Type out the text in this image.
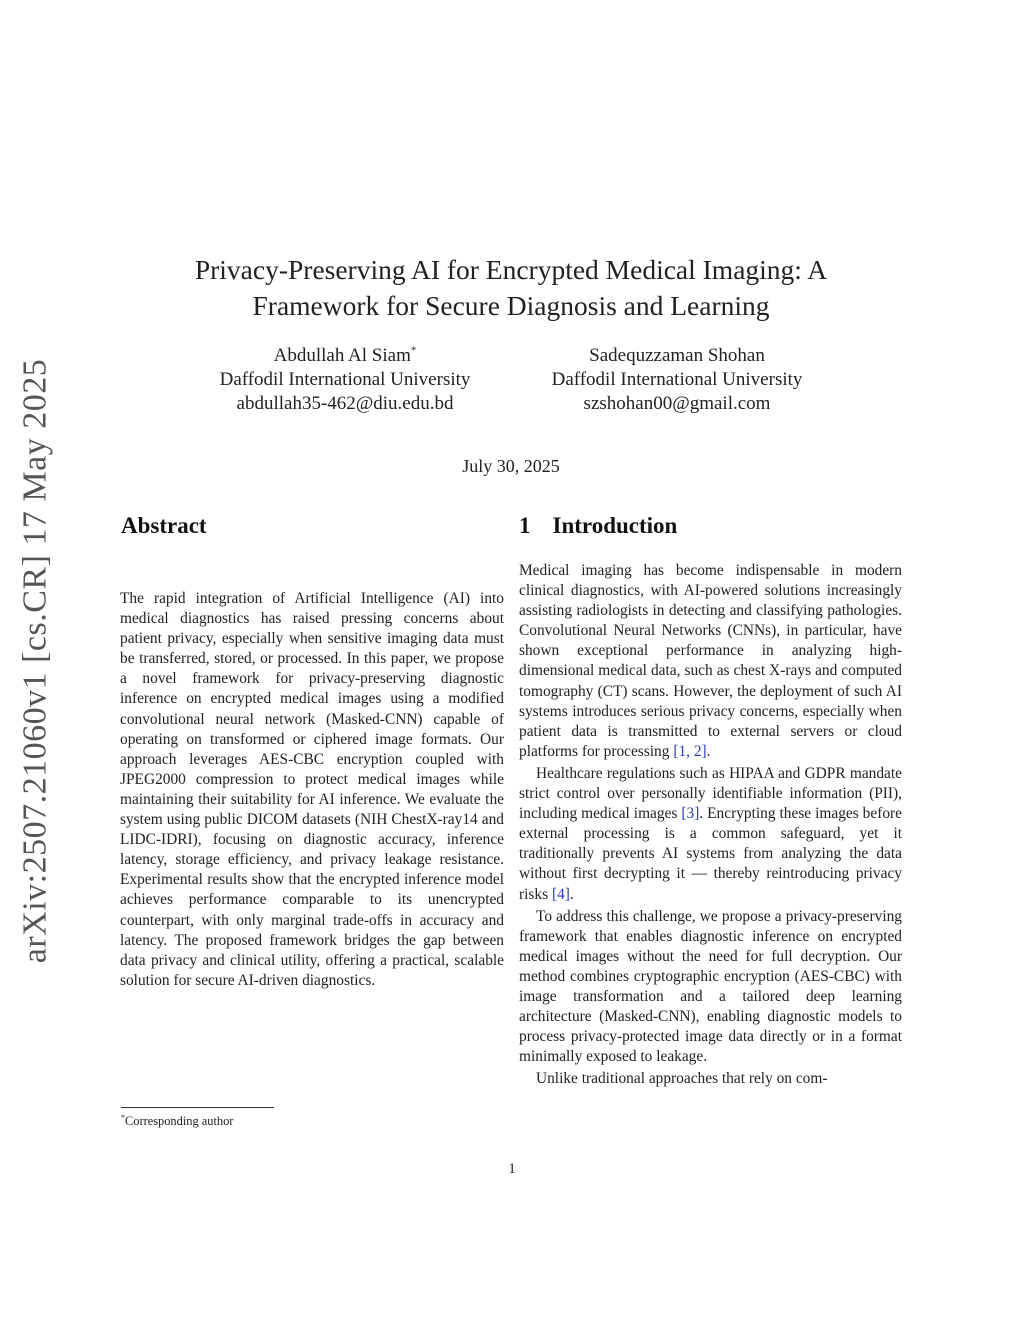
arXiv:2507.21060v1 [cs.CR] 17 May 2025
Privacy-Preserving AI for Encrypted Medical Imaging: A
Framework for Secure Diagnosis and Learning
Abdullah Al Siam*
Daffodil International University
abdullah35-462@diu.edu.bd
Sadequzzaman Shohan
Daffodil International University
szshohan00@gmail.com
July 30, 2025
Abstract	1 Introduction

The rapid integration of Artificial Intelligence (AI) into medical diagnostics has raised pressing concerns about patient privacy, especially when sensitive imaging data must be transferred, stored, or processed. In this paper, we propose a novel framework for privacy-preserving diagnostic inference on encrypted medical images using a modified convolutional neural network (Masked-CNN) capable of operating on transformed or ciphered image formats. Our approach leverages AES-CBC encryption coupled with JPEG2000 compression to protect medical images while maintaining their suitability for AI inference. We evaluate the system using public DICOM datasets (NIH ChestX-ray14 and LIDC-IDRI), focusing on diagnostic accuracy, inference latency, storage efficiency, and privacy leakage resistance. Experimental results show that the encrypted inference model achieves performance comparable to its unencrypted counterpart, with only marginal trade-offs in accuracy and latency. The proposed framework bridges the gap between data privacy and clinical utility, offering a practical, scalable solution for secure AI-driven diagnostics.

Medical imaging has become indispensable in modern clinical diagnostics, with AI-powered solutions increasingly assisting radiologists in detecting and classifying pathologies. Convolutional Neural Networks (CNNs), in particular, have shown exceptional performance in analyzing high-dimensional medical data, such as chest X-rays and computed tomography (CT) scans. However, the deployment of such AI systems introduces serious privacy concerns, especially when patient data is transmitted to external servers or cloud platforms for processing [1, 2].

Healthcare regulations such as HIPAA and GDPR mandate strict control over personally identifiable information (PII), including medical images [3]. Encrypting these images before external processing is a common safeguard, yet it traditionally prevents AI systems from analyzing the data without first decrypting it — thereby reintroducing privacy risks [4].

To address this challenge, we propose a privacy-preserving framework that enables diagnostic inference on encrypted medical images without the need for full decryption. Our method combines cryptographic encryption (AES-CBC) with image transformation and a tailored deep learning architecture (Masked-CNN), enabling diagnostic models to process privacy-protected image data directly or in a format minimally exposed to leakage.

Unlike traditional approaches that rely on com-

*Corresponding author
1
